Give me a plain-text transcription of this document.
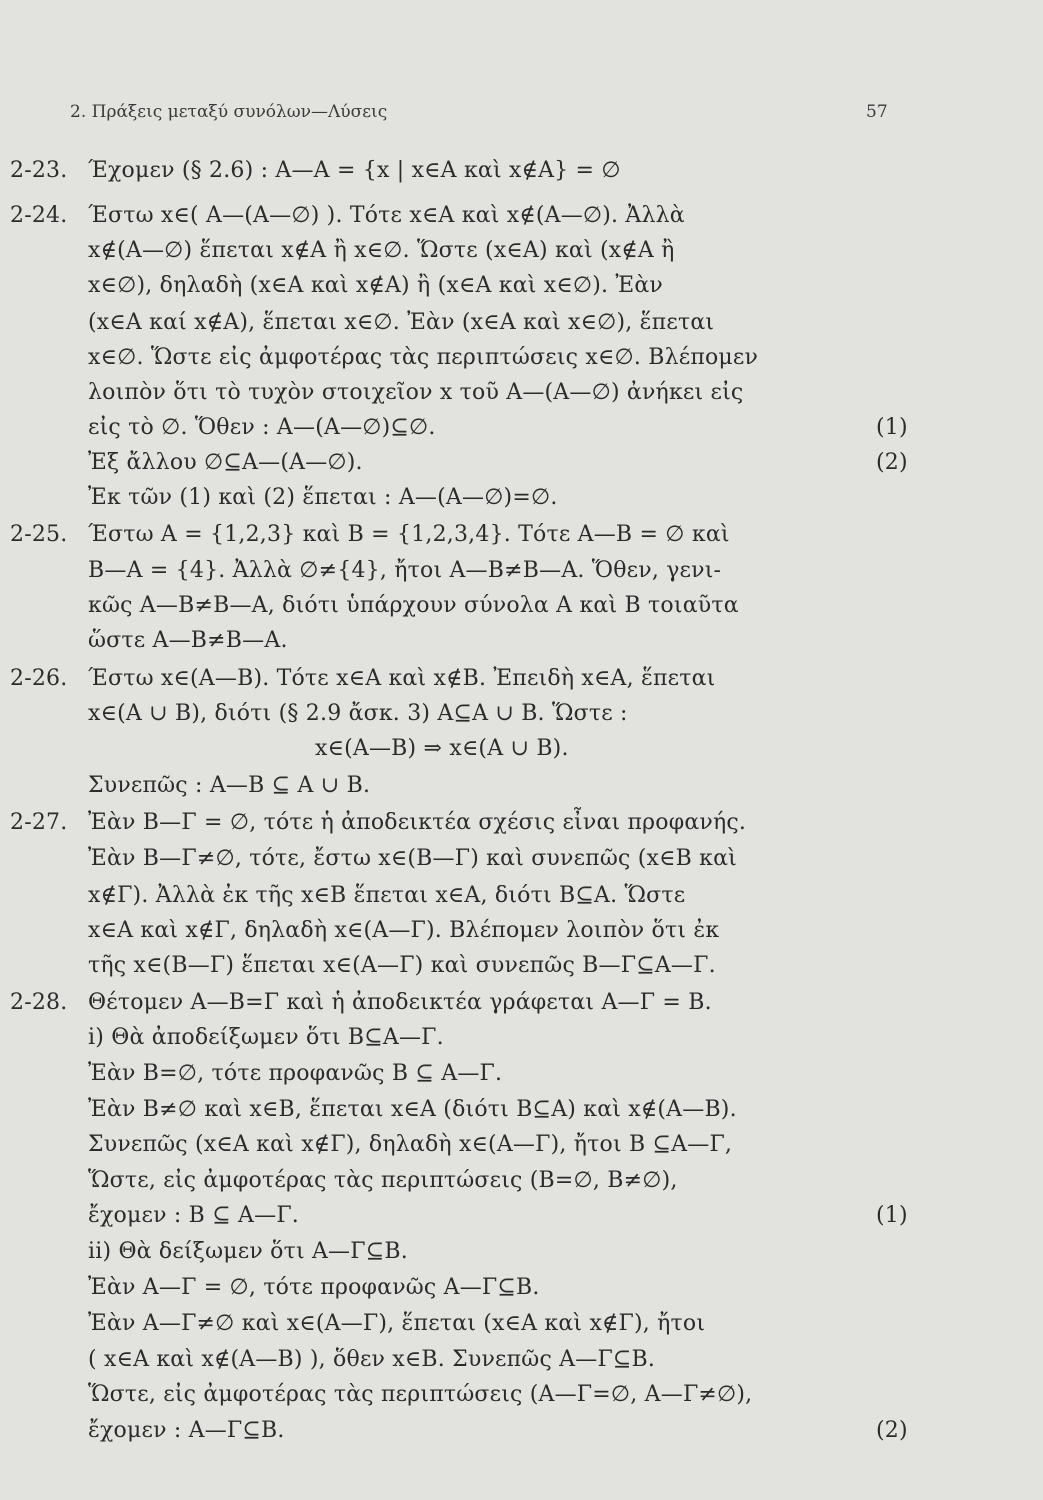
2. Πράξεις μεταξύ συνόλων—Λύσεις	57
2-23. Έχομεν (§ 2.6) : Α—Α = {x | x∈Α καὶ x∉Α} = ∅
2-24. Έστω x∈( Α—(Α—∅) ). Τότε x∈Α καὶ x∉(Α—∅). Ἀλλὰ
x∉(Α—∅) ἕπεται x∉Α ἢ x∈∅. Ὥστε (x∈Α) καὶ (x∉Α ἢ
x∈∅), δηλαδὴ (x∈Α καὶ x∉Α) ἢ (x∈Α καὶ x∈∅). Ἐὰν
(x∈Α καί x∉Α), ἕπεται x∈∅. Ἐὰν (x∈Α καὶ x∈∅), ἕπεται
x∈∅. Ὥστε εἰς ἀμφοτέρας τὰς περιπτώσεις x∈∅. Βλέπομεν
λοιπὸν ὅτι τὸ τυχὸν στοιχεῖον x τοῦ Α—(Α—∅) ἀνήκει εἰς
εἰς τὸ ∅. Ὅθεν : Α—(Α—∅)⊆∅.	(1)
Ἐξ ἄλλου ∅⊆Α—(Α—∅).	(2)
Ἐκ τῶν (1) καὶ (2) ἕπεται : Α—(Α—∅)=∅.
2-25. Έστω Α = {1,2,3} καὶ Β = {1,2,3,4}. Τότε Α—Β = ∅ καὶ
Β—Α = {4}. Ἀλλὰ ∅≠{4}, ἤτοι Α—Β≠Β—Α. Ὅθεν, γενι-
κῶς Α—Β≠Β—Α, διότι ὑπάρχουν σύνολα Α καὶ Β τοιαῦτα
ὥστε Α—Β≠Β—Α.
2-26. Έστω x∈(Α—Β). Τότε x∈Α καὶ x∉Β. Ἐπειδὴ x∈Α, ἕπεται
x∈(Α ∪ Β), διότι (§ 2.9 ἄσκ. 3) Α⊆Α ∪ Β. Ὥστε :
x∈(Α—Β) ⇒ x∈(Α ∪ Β).
Συνεπῶς : Α—Β ⊆ Α ∪ Β.
2-27. Ἐὰν Β—Γ = ∅, τότε ἡ ἀποδεικτέα σχέσις εἶναι προφανής.
Ἐὰν Β—Γ≠∅, τότε, ἔστω x∈(Β—Γ) καὶ συνεπῶς (x∈Β καὶ
x∉Γ). Ἀλλὰ ἐκ τῆς x∈Β ἕπεται x∈Α, διότι Β⊆Α. Ὥστε
x∈Α καὶ x∉Γ, δηλαδὴ x∈(Α—Γ). Βλέπομεν λοιπὸν ὅτι ἐκ
τῆς x∈(Β—Γ) ἕπεται x∈(Α—Γ) καὶ συνεπῶς Β—Γ⊆Α—Γ.
2-28. Θέτομεν Α—Β=Γ καὶ ἡ ἀποδεικτέα γράφεται Α—Γ = Β.
i) Θὰ ἀποδείξωμεν ὅτι Β⊆Α—Γ.
Ἐὰν Β=∅, τότε προφανῶς Β ⊆ Α—Γ.
Ἐὰν Β≠∅ καὶ x∈Β, ἕπεται x∈Α (διότι Β⊆Α) καὶ x∉(Α—Β).
Συνεπῶς (x∈Α καὶ x∉Γ), δηλαδὴ x∈(Α—Γ), ἤτοι Β ⊆Α—Γ,
Ὥστε, εἰς ἀμφοτέρας τὰς περιπτώσεις (Β=∅, Β≠∅),
ἔχομεν : Β ⊆ Α—Γ.	(1)
ii) Θὰ δείξωμεν ὅτι Α—Γ⊆Β.
Ἐὰν Α—Γ = ∅, τότε προφανῶς Α—Γ⊆Β.
Ἐὰν Α—Γ≠∅ καὶ x∈(Α—Γ), ἕπεται (x∈Α καὶ x∉Γ), ἤτοι
( x∈Α καὶ x∉(Α—Β) ), ὅθεν x∈Β. Συνεπῶς Α—Γ⊆Β.
Ὥστε, εἰς ἀμφοτέρας τὰς περιπτώσεις (Α—Γ=∅, Α—Γ≠∅),
ἔχομεν : Α—Γ⊆Β.	(2)
